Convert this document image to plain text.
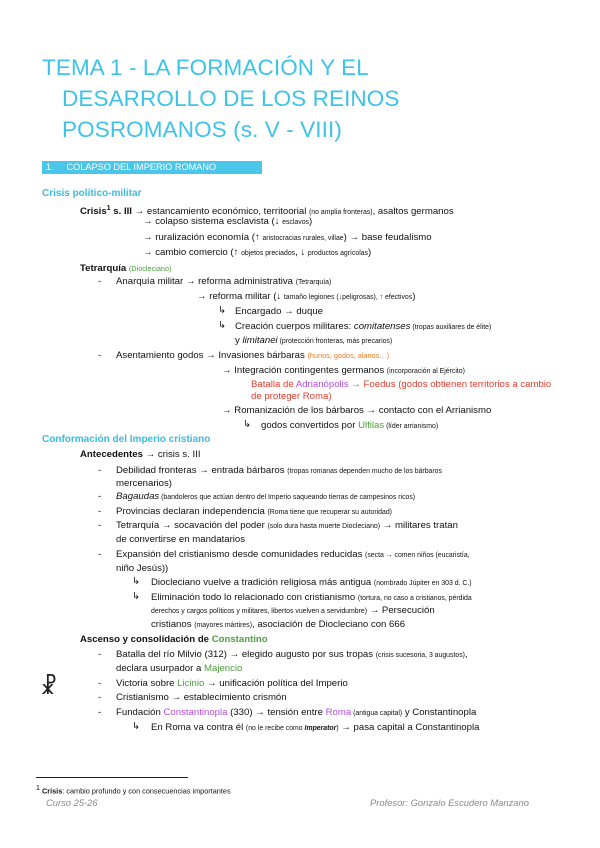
TEMA 1 - LA FORMACIÓN Y EL
DESARROLLO DE LOS REINOS
POSROMANOS (s. V - VIII)
1. COLAPSO DEL IMPERIO ROMANO
Crisis político-militar
Crisis$^1$ s. III → estancamiento económico, territoorial (no amplia fronteras), asaltos germanos
→ colapso sistema esclavista (↓ esclavos)
→ ruralización economía (↑ aristocracias rurales, villae) → base feudalismo
→ cambio comercio (↑ objetos preciados, ↓ productos agrícolas)
Tetrarquía (Diocleciano)
- Anarquía militar → reforma administrativa (Tetrarquía)
→ reforma militar (↓ tamaño legiones (↓peligrosas), ↑ efectivos)
↳ Encargado → duque
↳ Creación cuerpos militares: comitatenses (tropas auxiliares de élite)
y limitanei (protección fronteras, más precarios)
- Asentamiento godos → Invasiones bárbaras (hunos, godos, alanos…)
→ Integración contingentes germanos (incorporación al Ejército)
Batalla de Adrianópolis → Foedus (godos obtienen territorios a cambio
de proteger Roma)
→ Romanización de los bárbaros → contacto con el Arrianismo
↳ godos convertidos por Ulfilas (líder arrianismo)
Conformación del Imperio cristiano
Antecedentes → crisis s. III
- Debilidad fronteras → entrada bárbaros (tropas romanas dependen mucho de los bárbaros
mercenarios)
- Bagaudas (bandoleros que actúan dentro del Imperio saqueando tierras de campesinos ricos)
- Provincias declaran independencia (Roma tiene que recuperar su autoridad)
- Tetrarquía → socavación del poder (solo dura hasta muerte Diocleciano) → militares tratan
de convertirse en mandatarios
- Expansión del cristianismo desde comunidades reducidas (secta → comen niños (eucaristía,
niño Jesús))
↳ Diocleciano vuelve a tradición religiosa más antigua (nombrado Júpiter en 303 d. C.)
↳ Eliminación todo lo relacionado con cristianismo (tortura, no caso a cristianos, pérdida
derechos y cargos políticos y militares, libertos vuelven a servidumbre) → Persecución
cristianos (mayores mártires), asociación de Diocleciano con 666
Ascenso y consolidación de Constantino
- Batalla del río Milvio (312) → elegido augusto por sus tropas (crisis sucesoria, 3 augustos),
declara usurpador a Majencio
☧	- Victoria sobre Licinio → unificación política del Imperio
- Cristianismo → establecimiento crismón
- Fundación Constantinopla (330) → tensión entre Roma (antigua capital) y Constantinopla
↳ En Roma va contra él (no le recibe como Imperator) → pasa capital a Constantinopla
$^1$ Crisis: cambio profundo y con consecuencias importantes
Curso 25-26	Profesor: Gonzalo Escudero Manzano
